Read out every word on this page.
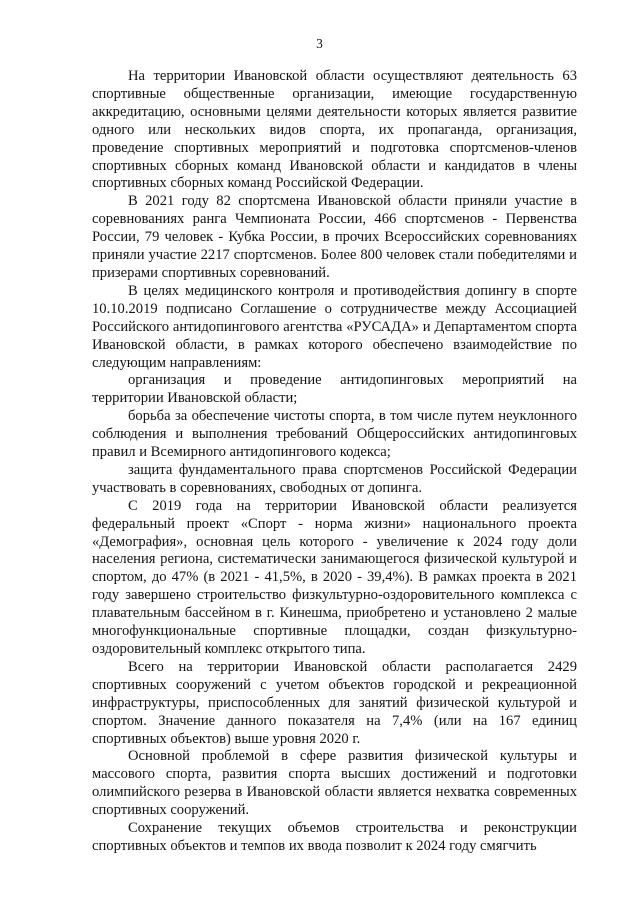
3

На территории Ивановской области осуществляют деятельность 63 спортивные общественные организации, имеющие государственную аккредитацию, основными целями деятельности которых является развитие одного или нескольких видов спорта, их пропаганда, организация, проведение спортивных мероприятий и подготовка спортсменов-членов спортивных сборных команд Ивановской области и кандидатов в члены спортивных сборных команд Российской Федерации.

В 2021 году 82 спортсмена Ивановской области приняли участие в соревнованиях ранга Чемпионата России, 466 спортсменов - Первенства России, 79 человек - Кубка России, в прочих Всероссийских соревнованиях приняли участие 2217 спортсменов. Более 800 человек стали победителями и призерами спортивных соревнований.

В целях медицинского контроля и противодействия допингу в спорте 10.10.2019 подписано Соглашение о сотрудничестве между Ассоциацией Российского антидопингового агентства «РУСАДА» и Департаментом спорта Ивановской области, в рамках которого обеспечено взаимодействие по следующим направлениям:

организация и проведение антидопинговых мероприятий на территории Ивановской области;

борьба за обеспечение чистоты спорта, в том числе путем неуклонного соблюдения и выполнения требований Общероссийских антидопинговых правил и Всемирного антидопингового кодекса;

защита фундаментального права спортсменов Российской Федерации участвовать в соревнованиях, свободных от допинга.

С 2019 года на территории Ивановской области реализуется федеральный проект «Спорт - норма жизни» национального проекта «Демография», основная цель которого - увеличение к 2024 году доли населения региона, систематически занимающегося физической культурой и спортом, до 47% (в 2021 - 41,5%, в 2020 - 39,4%). В рамках проекта в 2021 году завершено строительство физкультурно-оздоровительного комплекса с плавательным бассейном в г. Кинешма, приобретено и установлено 2 малые многофункциональные спортивные площадки, создан физкультурно-оздоровительный комплекс открытого типа.

Всего на территории Ивановской области располагается 2429 спортивных сооружений с учетом объектов городской и рекреационной инфраструктуры, приспособленных для занятий физической культурой и спортом. Значение данного показателя на 7,4% (или на 167 единиц спортивных объектов) выше уровня 2020 г.

Основной проблемой в сфере развития физической культуры и массового спорта, развития спорта высших достижений и подготовки олимпийского резерва в Ивановской области является нехватка современных спортивных сооружений.

Сохранение текущих объемов строительства и реконструкции спортивных объектов и темпов их ввода позволит к 2024 году смягчить
